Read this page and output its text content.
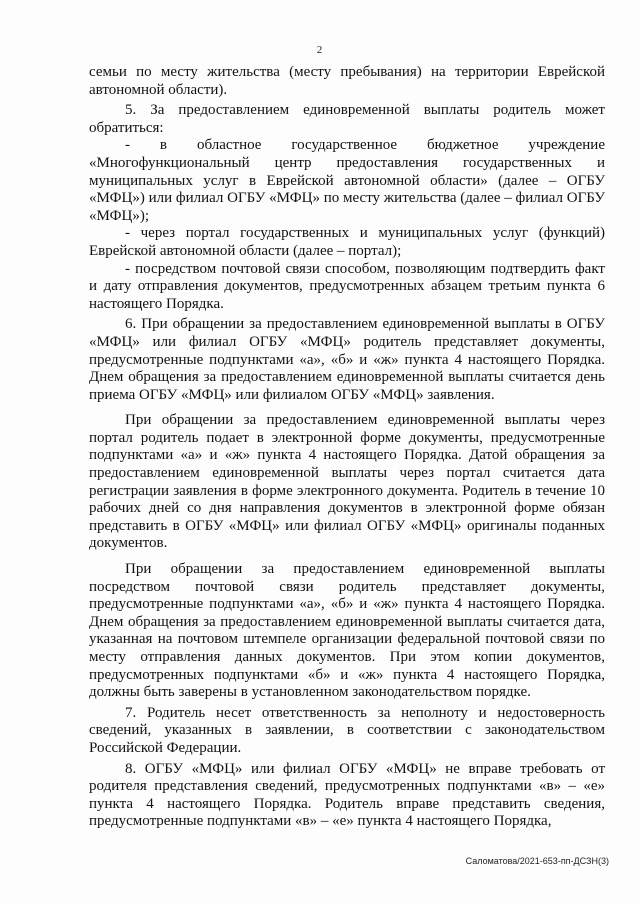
2

семьи по месту жительства (месту пребывания) на территории Еврейской автономной области).

5. За предоставлением единовременной выплаты родитель может обратиться:

- в областное государственное бюджетное учреждение «Многофункциональный центр предоставления государственных и муниципальных услуг в Еврейской автономной области» (далее – ОГБУ «МФЦ») или филиал ОГБУ «МФЦ» по месту жительства (далее – филиал ОГБУ «МФЦ»);

- через портал государственных и муниципальных услуг (функций) Еврейской автономной области (далее – портал);

- посредством почтовой связи способом, позволяющим подтвердить факт и дату отправления документов, предусмотренных абзацем третьим пункта 6 настоящего Порядка.

6. При обращении за предоставлением единовременной выплаты в ОГБУ «МФЦ» или филиал ОГБУ «МФЦ» родитель представляет документы, предусмотренные подпунктами «а», «б» и «ж» пункта 4 настоящего Порядка. Днем обращения за предоставлением единовременной выплаты считается день приема ОГБУ «МФЦ» или филиалом ОГБУ «МФЦ» заявления.

При обращении за предоставлением единовременной выплаты через портал родитель подает в электронной форме документы, предусмотренные подпунктами «а» и «ж» пункта 4 настоящего Порядка. Датой обращения за предоставлением единовременной выплаты через портал считается дата регистрации заявления в форме электронного документа. Родитель в течение 10 рабочих дней со дня направления документов в электронной форме обязан представить в ОГБУ «МФЦ» или филиал ОГБУ «МФЦ» оригиналы поданных документов.

При обращении за предоставлением единовременной выплаты посредством почтовой связи родитель представляет документы, предусмотренные подпунктами «а», «б» и «ж» пункта 4 настоящего Порядка. Днем обращения за предоставлением единовременной выплаты считается дата, указанная на почтовом штемпеле организации федеральной почтовой связи по месту отправления данных документов. При этом копии документов, предусмотренных подпунктами «б» и «ж» пункта 4 настоящего Порядка, должны быть заверены в установленном законодательством порядке.

7. Родитель несет ответственность за неполноту и недостоверность сведений, указанных в заявлении, в соответствии с законодательством Российской Федерации.

8. ОГБУ «МФЦ» или филиал ОГБУ «МФЦ» не вправе требовать от родителя представления сведений, предусмотренных подпунктами «в» – «е» пункта 4 настоящего Порядка. Родитель вправе представить сведения, предусмотренные подпунктами «в» – «е» пункта 4 настоящего Порядка,

Саломатова/2021-653-пп-ДСЗН(3)
